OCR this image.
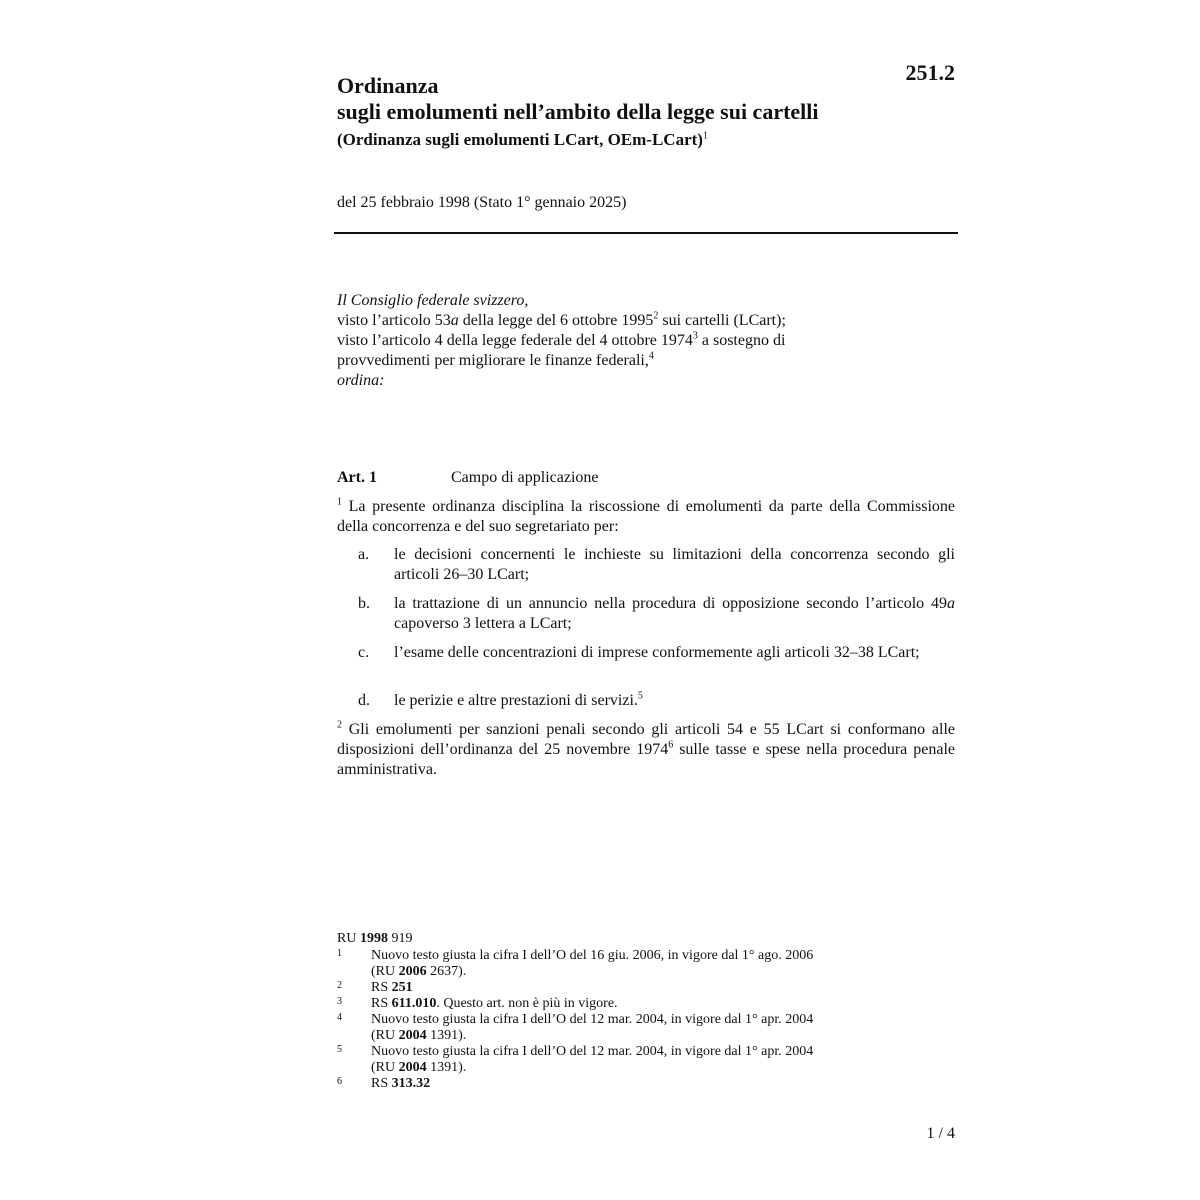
251.2
Ordinanza
sugli emolumenti nell’ambito della legge sui cartelli
(Ordinanza sugli emolumenti LCart, OEm-LCart)$^1$
del 25 febbraio 1998 (Stato 1° gennaio 2025)
Il Consiglio federale svizzero,
visto l’articolo 53a della legge del 6 ottobre 1995$^2$ sui cartelli (LCart);
visto l’articolo 4 della legge federale del 4 ottobre 1974$^3$ a sostegno di
provvedimenti per migliorare le finanze federali,$^4$
ordina:
Art. 1	Campo di applicazione
$^1$ La presente ordinanza disciplina la riscossione di emolumenti da parte della Commissione della concorrenza e del suo segretariato per:
a. le decisioni concernenti le inchieste su limitazioni della concorrenza secondo gli articoli 26–30 LCart;
b. la trattazione di un annuncio nella procedura di opposizione secondo l’articolo 49a capoverso 3 lettera a LCart;
c. l’esame delle concentrazioni di imprese conformemente agli articoli 32–38 LCart;
d. le perizie e altre prestazioni di servizi.$^5$
$^2$ Gli emolumenti per sanzioni penali secondo gli articoli 54 e 55 LCart si conformano alle disposizioni dell’ordinanza del 25 novembre 1974$^6$ sulle tasse e spese nella procedura penale amministrativa.
RU 1998 919
1 Nuovo testo giusta la cifra I dell’O del 16 giu. 2006, in vigore dal 1° ago. 2006
(RU 2006 2637).
2 RS 251
3 RS 611.010. Questo art. non è più in vigore.
4 Nuovo testo giusta la cifra I dell’O del 12 mar. 2004, in vigore dal 1° apr. 2004
(RU 2004 1391).
5 Nuovo testo giusta la cifra I dell’O del 12 mar. 2004, in vigore dal 1° apr. 2004
(RU 2004 1391).
6 RS 313.32
1 / 4
